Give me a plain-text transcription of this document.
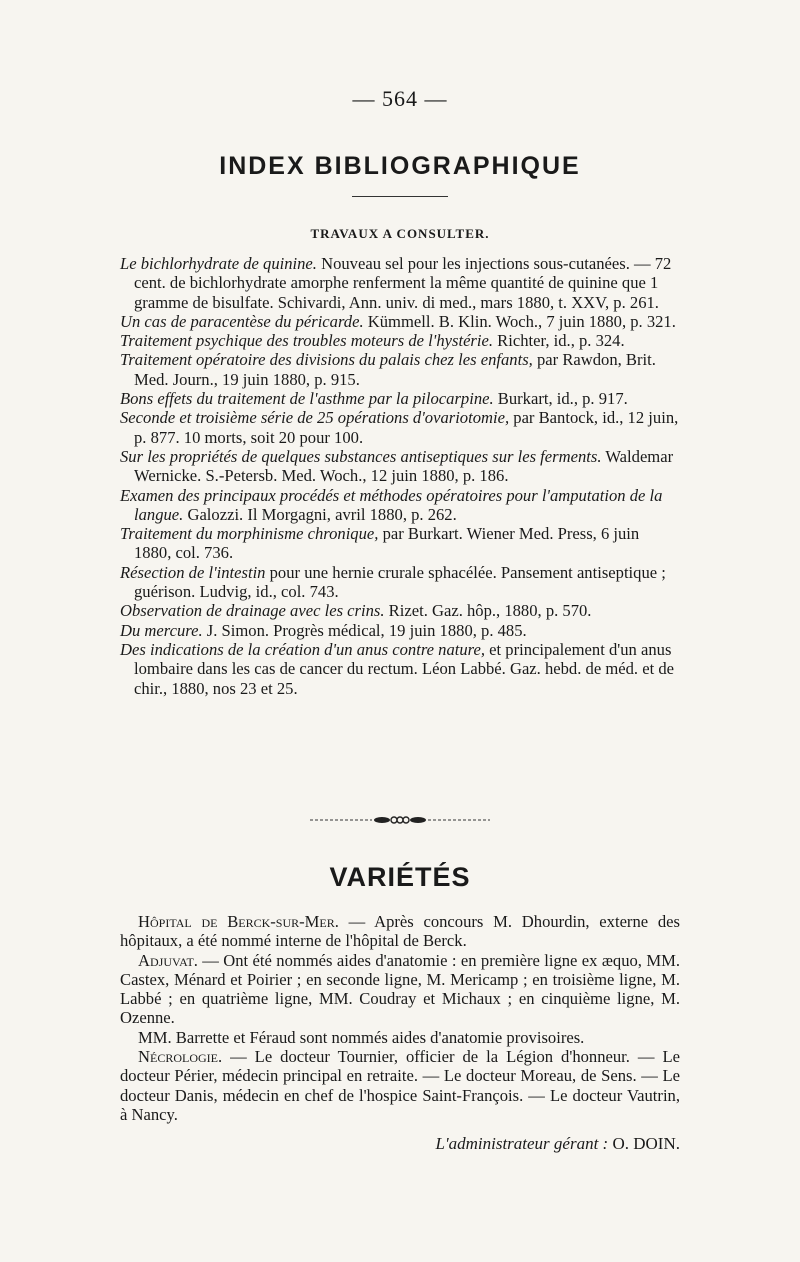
— 564 —
INDEX BIBLIOGRAPHIQUE
TRAVAUX A CONSULTER.

Le bichlorhydrate de quinine. Nouveau sel pour les injections sous-cutanées. — 72 cent. de bichlorhydrate amorphe renferment la même quantité de quinine que 1 gramme de bisulfate. Schivardi, Ann. univ. di med., mars 1880, t. XXV, p. 261.

Un cas de paracentèse du péricarde. Kümmell. B. Klin. Woch., 7 juin 1880, p. 321.

Traitement psychique des troubles moteurs de l'hystérie. Richter, id., p. 324.

Traitement opératoire des divisions du palais chez les enfants, par Rawdon, Brit. Med. Journ., 19 juin 1880, p. 915.

Bons effets du traitement de l'asthme par la pilocarpine. Burkart, id., p. 917.

Seconde et troisième série de 25 opérations d'ovariotomie, par Bantock, id., 12 juin, p. 877. 10 morts, soit 20 pour 100.

Sur les propriétés de quelques substances antiseptiques sur les ferments. Waldemar Wernicke. S.-Petersb. Med. Woch., 12 juin 1880, p. 186.

Examen des principaux procédés et méthodes opératoires pour l'amputation de la langue. Galozzi. Il Morgagni, avril 1880, p. 262.

Traitement du morphinisme chronique, par Burkart. Wiener Med. Press, 6 juin 1880, col. 736.

Résection de l'intestin pour une hernie crurale sphacélée. Pansement antiseptique ; guérison. Ludvig, id., col. 743.

Observation de drainage avec les crins. Rizet. Gaz. hôp., 1880, p. 570.

Du mercure. J. Simon. Progrès médical, 19 juin 1880, p. 485.

Des indications de la création d'un anus contre nature, et principalement d'un anus lombaire dans les cas de cancer du rectum. Léon Labbé. Gaz. hebd. de méd. et de chir., 1880, nos 23 et 25.

VARIÉTÉS

Hôpital de Berck-sur-Mer. — Après concours M. Dhourdin, externe des hôpitaux, a été nommé interne de l'hôpital de Berck.

Adjuvat. — Ont été nommés aides d'anatomie : en première ligne ex æquo, MM. Castex, Ménard et Poirier ; en seconde ligne, M. Mericamp ; en troisième ligne, M. Labbé ; en quatrième ligne, MM. Coudray et Michaux ; en cinquième ligne, M. Ozenne.

MM. Barrette et Féraud sont nommés aides d'anatomie provisoires.

Nécrologie. — Le docteur Tournier, officier de la Légion d'honneur. — Le docteur Périer, médecin principal en retraite. — Le docteur Moreau, de Sens. — Le docteur Danis, médecin en chef de l'hospice Saint-François. — Le docteur Vautrin, à Nancy.

L'administrateur gérant : O. DOIN.
